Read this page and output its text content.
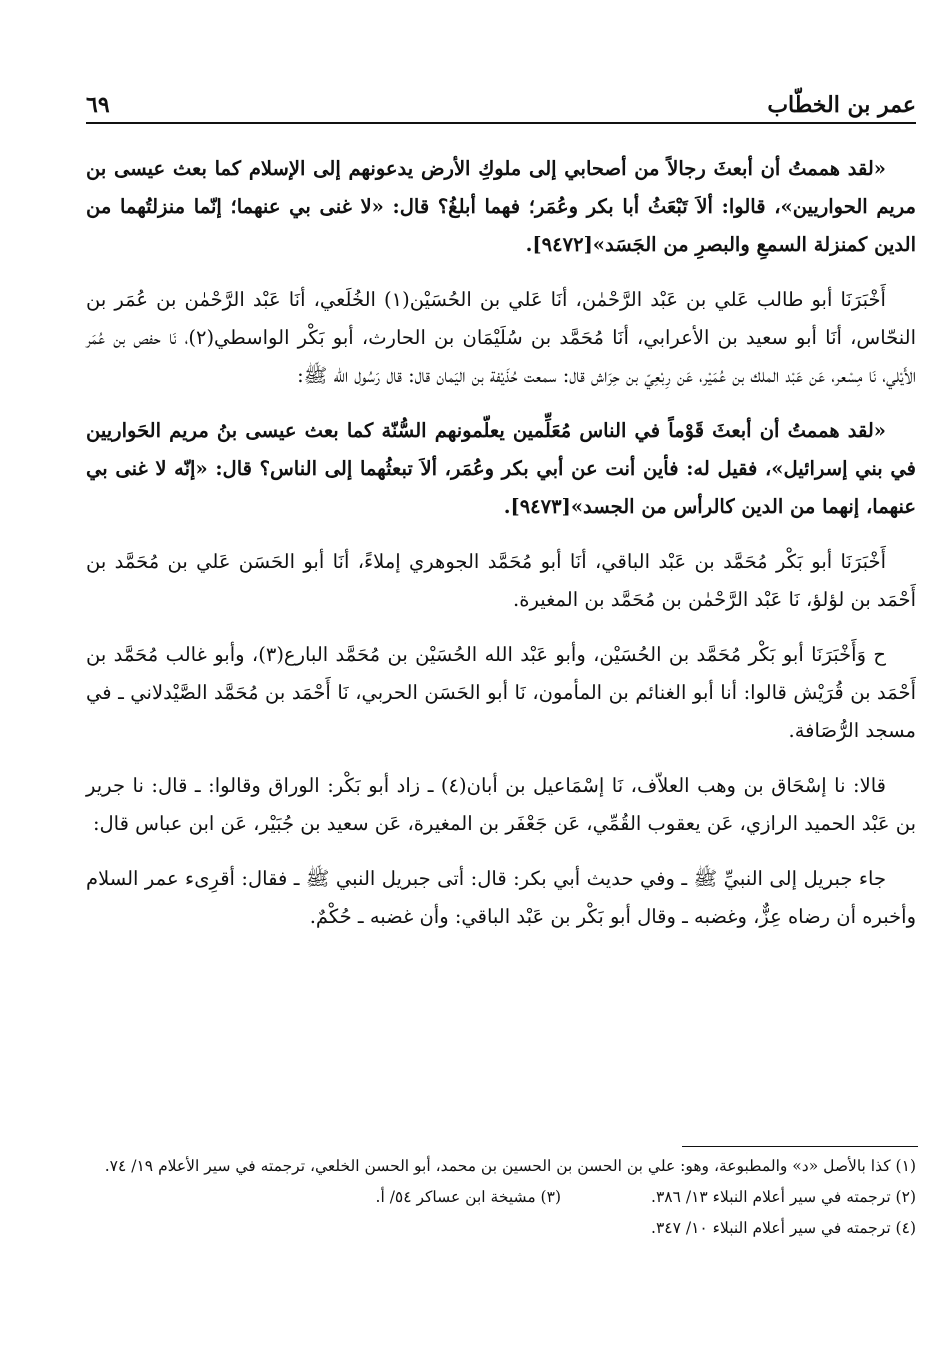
عمر بن الخطّاب
٦٩

«لقد هممتُ أن أبعثَ رجالاً من أصحابي إلى ملوكِ الأرض يدعونهم إلى الإسلام كما بعث عيسى بن مريم الحواريين»، قالوا: ألاَ تَبْعَثُ أبا بكر وعُمَر؛ فهما أبلغُ؟ قال: «لا غنى بي عنهما؛ إنّما منزلتُهما من الدين كمنزلة السمعِ والبصرِ من الجَسَد»[٩٤٧٢].

أَخْبَرَنَا أبو طالب عَلي بن عَبْد الرَّحْمٰن، أنَا عَلي بن الحُسَيْن(١) الخُلَعي، أنَا عَبْد الرَّحْمٰن بن عُمَر بن النحّاس، أنَا أبو سعيد بن الأعرابي، أنَا مُحَمَّد بن سُلَيْمَان بن الحارث، أبو بَكْر الواسطي(٢)، نَا حفص بن عُمَر الأَيْلي، نَا مِسْعر، عَن عَبْد الملك بن عُمَيْر، عَن رِبْعِيّ بن حِرَاش قال: سمعت حُذَيْفة بن اليَمان قال: قال رَسُول الله ﷺ:

«لقد هممتُ أن أبعثَ قَوْماً في الناس مُعَلِّمين يعلّمونهم السُّنّة كما بعث عيسى بنُ مريم الحَواريين في بني إسرائيل»، فقيل له: فأين أنت عن أبي بكر وعُمَر، ألاَ تبعثُهما إلى الناس؟ قال: «إنّه لا غنى بي عنهما، إنهما من الدين كالرأس من الجسد»[٩٤٧٣].

أَخْبَرَنَا أبو بَكْر مُحَمَّد بن عَبْد الباقي، أنَا أبو مُحَمَّد الجوهري إملاءً، أنَا أبو الحَسَن عَلي بن مُحَمَّد بن أَحْمَد بن لؤلؤ، نَا عَبْد الرَّحْمٰن بن مُحَمَّد بن المغيرة.

ح وَأَخْبَرَنَا أبو بَكْر مُحَمَّد بن الحُسَيْن، وأبو عَبْد الله الحُسَيْن بن مُحَمَّد البارع(٣)، وأبو غالب مُحَمَّد بن أَحْمَد بن قُرَيْش قالوا: أنا أبو الغنائم بن المأمون، نَا أبو الحَسَن الحربي، نَا أَحْمَد بن مُحَمَّد الصَّيْدلاني ـ في مسجد الرُّصَافة.

قالا: نا إسْحَاق بن وهب العلاّف، نَا إسْمَاعيل بن أبان(٤) ـ زاد أبو بَكْر: الوراق وقالوا: ـ قال: نا جرير بن عَبْد الحميد الرازي، عَن يعقوب القُمِّي، عَن جَعْفَر بن المغيرة، عَن سعيد بن جُبَيْر، عَن ابن عباس قال:

جاء جبريل إلى النبيِّ ﷺ ـ وفي حديث أبي بكر: قال: أتى جبريل النبي ﷺ ـ فقال: أقرِىء عمر السلام وأخبره أن رضاه عِزٌّ، وغضبه ـ وقال أبو بَكْر بن عَبْد الباقي: وأن غضبه ـ حُكْمٌ.

(١) كذا بالأصل «د» والمطبوعة، وهو: علي بن الحسن بن الحسين بن محمد، أبو الحسن الخلعي، ترجمته في سير الأعلام ١٩/ ٧٤.

(٢) ترجمته في سير أعلام النبلاء ١٣/ ٣٨٦.

(٣) مشيخة ابن عساكر ٥٤/ أ.

(٤) ترجمته في سير أعلام النبلاء ١٠/ ٣٤٧.
